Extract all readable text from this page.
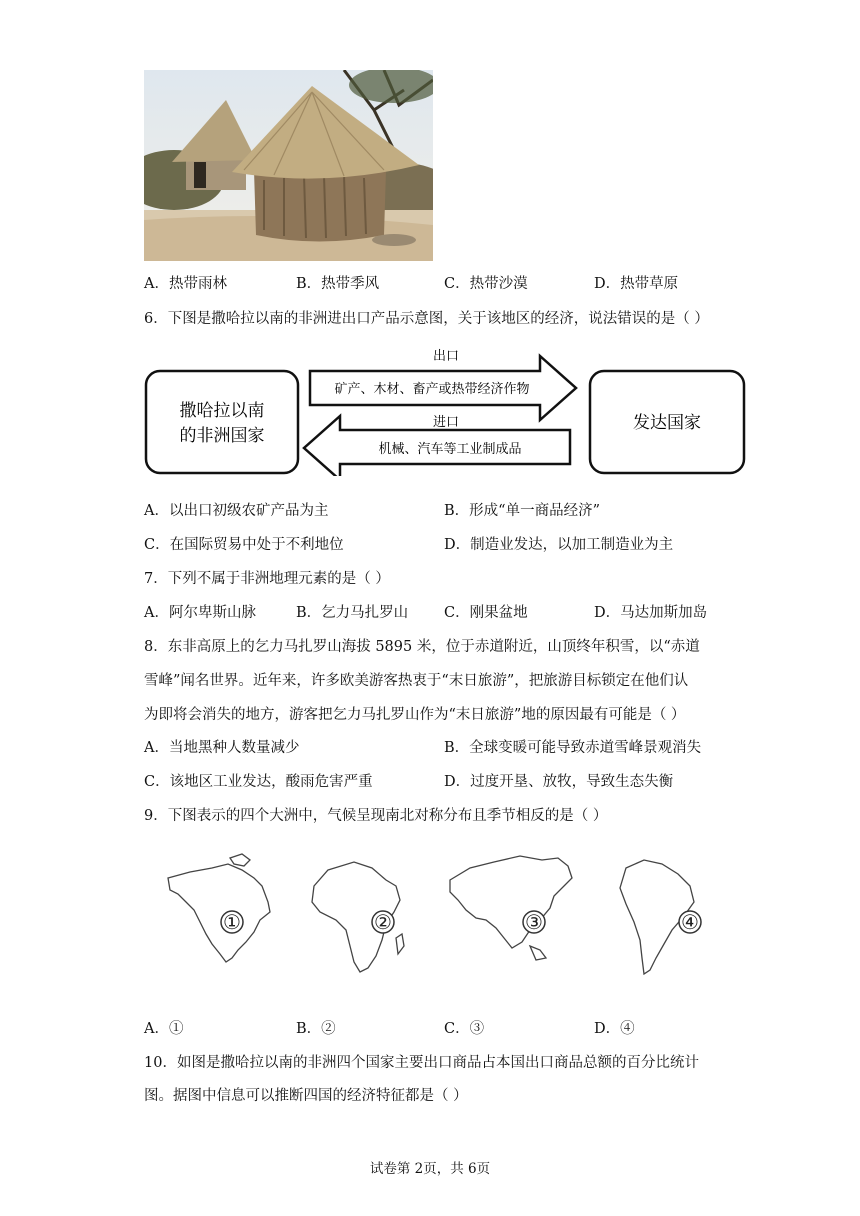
A．热带雨林	B．热带季风	C．热带沙漠	D．热带草原
6．下图是撒哈拉以南的非洲进出口产品示意图，关于该地区的经济，说法错误的是（ ）
撒哈拉以南
的非洲国家
发达国家
出口
矿产、木材、畜产或热带经济作物
进口
机械、汽车等工业制成品
A．以出口初级农矿产品为主	B．形成“单一商品经济”
C．在国际贸易中处于不利地位	D．制造业发达，以加工制造业为主
7．下列不属于非洲地理元素的是（ ）
A．阿尔卑斯山脉	B．乞力马扎罗山 C．刚果盆地	D．马达加斯加岛
8．东非高原上的乞力马扎罗山海拔 5895 米，位于赤道附近，山顶终年积雪，以“赤道
雪峰”闻名世界。近年来，许多欧美游客热衷于“末日旅游”，把旅游目标锁定在他们认
为即将会消失的地方，游客把乞力马扎罗山作为“末日旅游”地的原因最有可能是（ ）
A．当地黑种人数量减少	B．全球变暖可能导致赤道雪峰景观消失
C．该地区工业发达，酸雨危害严重	D．过度开垦、放牧，导致生态失衡
9．下图表示的四个大洲中，气候呈现南北对称分布且季节相反的是（ ）
①	②	③	④
A．①	B．②	C．③	D．④
10．如图是撒哈拉以南的非洲四个国家主要出口商品占本国出口商品总额的百分比统计
图。据图中信息可以推断四国的经济特征都是（ ）
试卷第 2页，共 6页
